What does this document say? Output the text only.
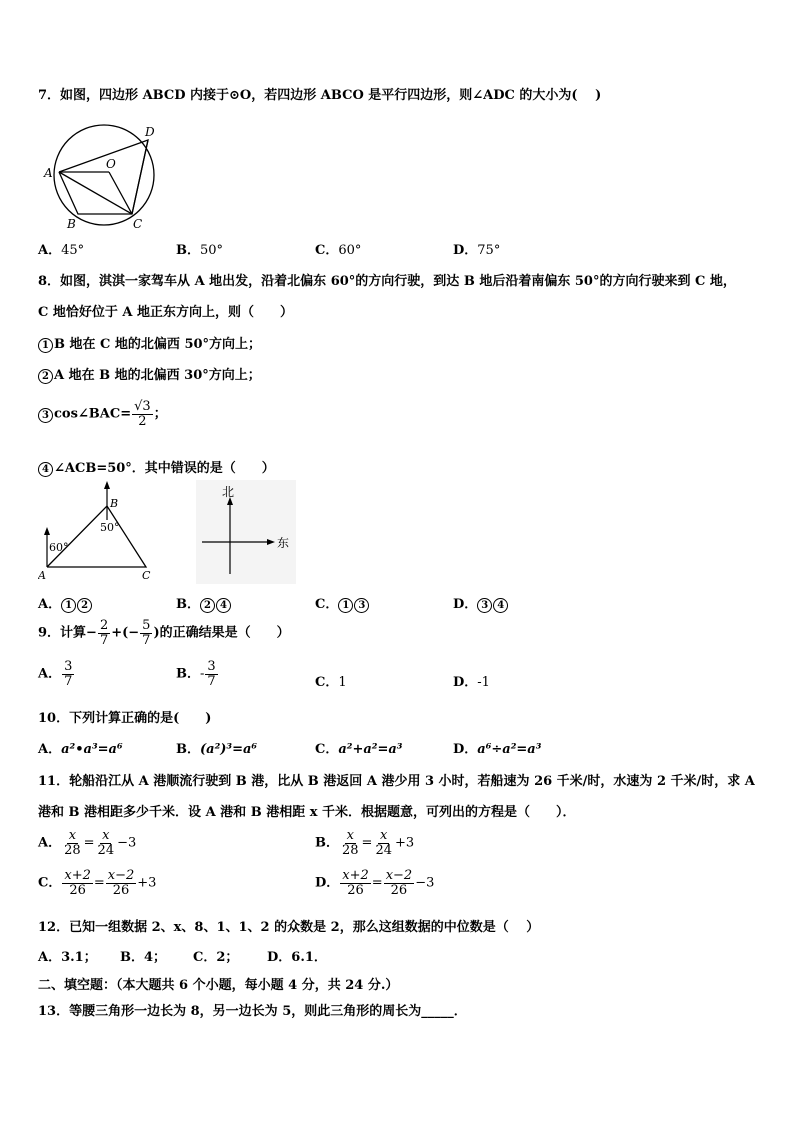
7．如图，四边形 ABCD 内接于⊙O，若四边形 ABCO 是平行四边形，则∠ADC 的大小为(　 )
A
B	C
D
O
A．45°	B．50°	C．60°	D．75°
8．如图，淇淇一家驾车从 A 地出发，沿着北偏东 60°的方向行驶，到达 B 地后沿着南偏东 50°的方向行驶来到 C 地，
C 地恰好位于 A 地正东方向上，则（　　）
1 B 地在 C 地的北偏西 50°方向上；
2 A 地在 B 地的北偏西 30°方向上；
3 cos∠BAC= $\frac{√3}{2}$ ；
4 ∠ACB=50°．其中错误的是（　　）
A
B
C
60°
50°
北
东
A． 1 2	B． 2 4	C． 1 3	D． 3 4
9．计算− $\frac{2}{7}$ +(− $\frac{5}{7}$ )的正确结果是（　　）
A． $\frac{3}{7}$	B．- $\frac{3}{7}$	C．1	D．-1
10．下列计算正确的是(　　)
A．a²•a³=a⁶	B．(a²)³=a⁶	C．a²+a²=a³	D．a⁶÷a²=a³
11．轮船沿江从 A 港顺流行驶到 B 港，比从 B 港返回 A 港少用 3 小时，若船速为 26 千米/时，水速为 2 千米/时，求 A
港和 B 港相距多少千米．设 A 港和 B 港相距 x 千米．根据题意，可列出的方程是（　　）．
A． $\frac{x}{28} = \frac{x}{24} -3$	B． $\frac{x}{28} = \frac{x}{24} +3$
C． $\frac{x+2}{26} = \frac{x-2}{26} +3$	D． $\frac{x+2}{26} = \frac{x-2}{26} -3$
12．已知一组数据 2、x、8、1、1、2 的众数是 2，那么这组数据的中位数是（　 ）
A．3.1； B．4； C．2； D．6.1．
二、填空题：（本大题共 6 个小题，每小题 4 分，共 24 分.）
13．等腰三角形一边长为 8，另一边长为 5，则此三角形的周长为_____．
